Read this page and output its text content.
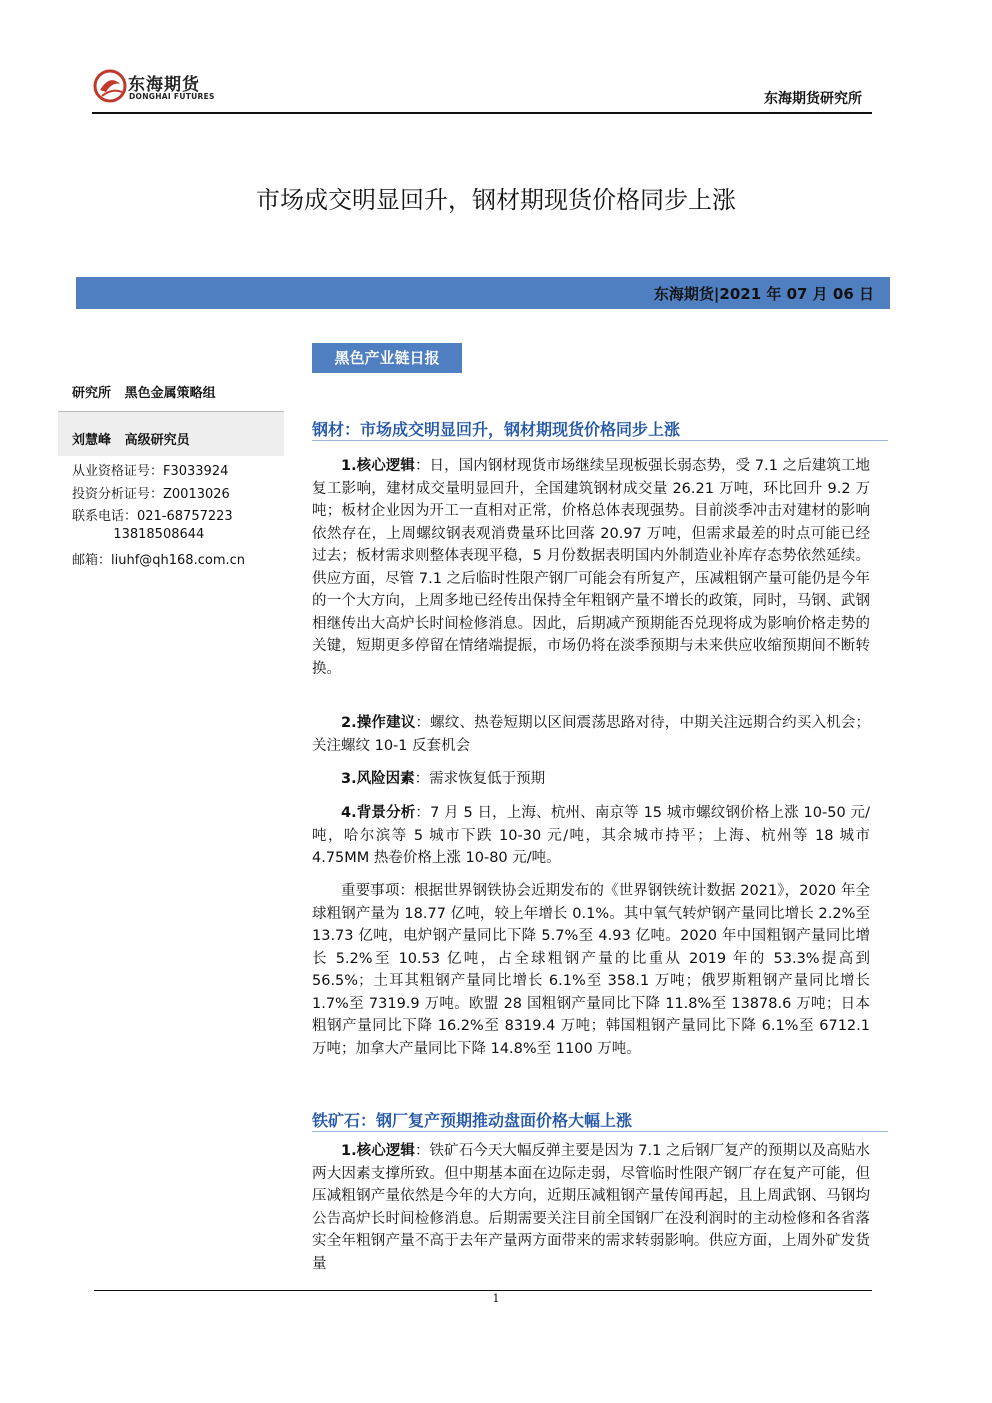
东海期货
DONGHAI FUTURES	东海期货研究所
市场成交明显回升，钢材期现货价格同步上涨
东海期货|2021 年 07 月 06 日
黑色产业链日报
研究所   黑色金属策略组
刘慧峰   高级研究员
从业资格证号：F3033924
投资分析证号：Z0013026
联系电话：021-68757223
13818508644
邮箱：liuhf@qh168.com.cn
钢材：市场成交明显回升，钢材期现货价格同步上涨
1.核心逻辑：日，国内钢材现货市场继续呈现板强长弱态势，受 7.1 之后建筑工地复工影响，建材成交量明显回升，全国建筑钢材成交量 26.21 万吨，环比回升 9.2 万吨；板材企业因为开工一直相对正常，价格总体表现强势。目前淡季冲击对建材的影响依然存在，上周螺纹钢表观消费量环比回落 20.97 万吨，但需求最差的时点可能已经过去；板材需求则整体表现平稳，5 月份数据表明国内外制造业补库存态势依然延续。供应方面，尽管 7.1 之后临时性限产钢厂可能会有所复产，压减粗钢产量可能仍是今年的一个大方向，上周多地已经传出保持全年粗钢产量不增长的政策，同时，马钢、武钢相继传出大高炉长时间检修消息。因此，后期减产预期能否兑现将成为影响价格走势的关键，短期更多停留在情绪端提振，市场仍将在淡季预期与未来供应收缩预期间不断转换。
2.操作建议：螺纹、热卷短期以区间震荡思路对待，中期关注远期合约买入机会；关注螺纹 10-1 反套机会
3.风险因素：需求恢复低于预期
4.背景分析：7 月 5 日，上海、杭州、南京等 15 城市螺纹钢价格上涨 10-50 元/吨，哈尔滨等 5 城市下跌 10-30 元/吨，其余城市持平；上海、杭州等 18 城市 4.75MM 热卷价格上涨 10-80 元/吨。
重要事项：根据世界钢铁协会近期发布的《世界钢铁统计数据 2021》，2020 年全球粗钢产量为 18.77 亿吨，较上年增长 0.1%。其中氧气转炉钢产量同比增长 2.2%至 13.73 亿吨，电炉钢产量同比下降 5.7%至 4.93 亿吨。2020 年中国粗钢产量同比增长 5.2%至 10.53 亿吨，占全球粗钢产量的比重从 2019 年的 53.3%提高到 56.5%；土耳其粗钢产量同比增长 6.1%至 358.1 万吨；俄罗斯粗钢产量同比增长 1.7%至 7319.9 万吨。欧盟 28 国粗钢产量同比下降 11.8%至 13878.6 万吨；日本粗钢产量同比下降 16.2%至 8319.4 万吨；韩国粗钢产量同比下降 6.1%至 6712.1 万吨；加拿大产量同比下降 14.8%至 1100 万吨。
铁矿石：钢厂复产预期推动盘面价格大幅上涨
1.核心逻辑：铁矿石今天大幅反弹主要是因为 7.1 之后钢厂复产的预期以及高贴水两大因素支撑所致。但中期基本面在边际走弱，尽管临时性限产钢厂存在复产可能，但压减粗钢产量依然是今年的大方向，近期压减粗钢产量传闻再起，且上周武钢、马钢均公告高炉长时间检修消息。后期需要关注目前全国钢厂在没利润时的主动检修和各省落实全年粗钢产量不高于去年产量两方面带来的需求转弱影响。供应方面，上周外矿发货量
1
